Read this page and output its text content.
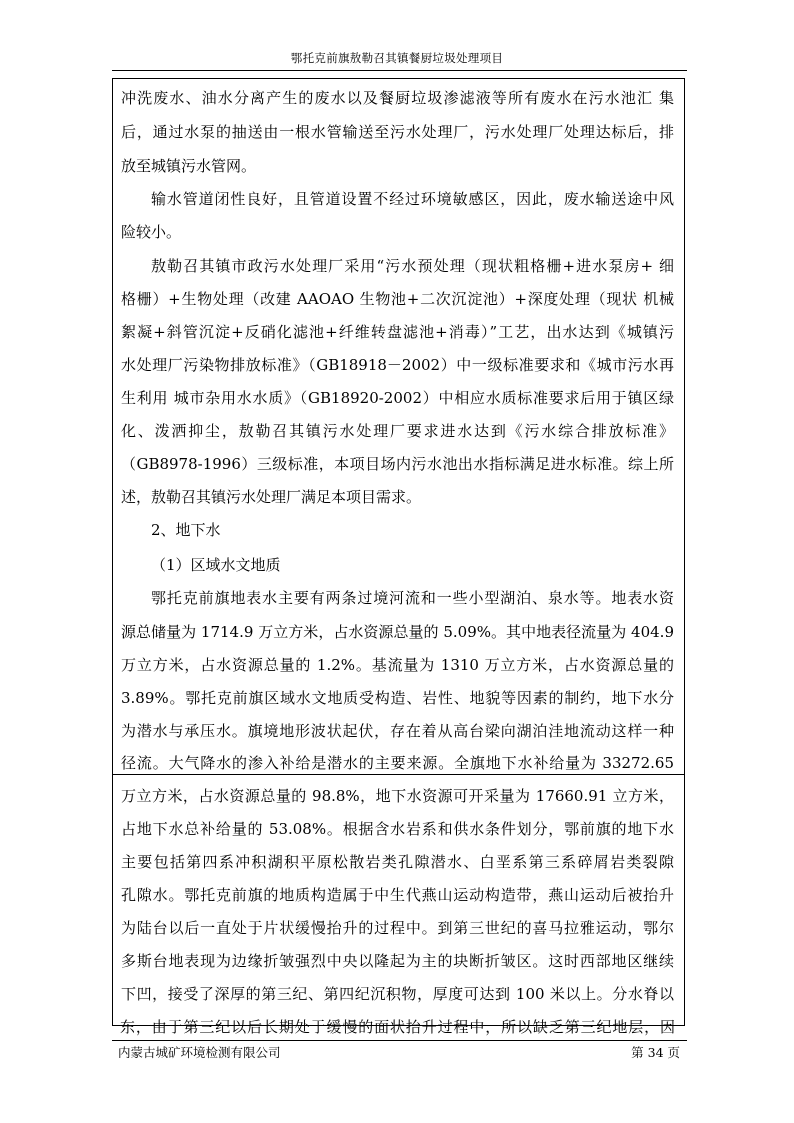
鄂托克前旗敖勒召其镇餐厨垃圾处理项目
冲洗废水、油水分离产生的废水以及餐厨垃圾渗滤液等所有废水在污水池汇 集
后，通过水泵的抽送由一根水管输送至污水处理厂，污水处理厂处理达标后，排
放至城镇污水管网。
输水管道闭性良好，且管道设置不经过环境敏感区，因此，废水输送途中风
险较小。
敖勒召其镇市政污水处理厂采用“污水预处理（现状粗格栅+进水泵房+ 细
格栅）+生物处理（改建 AAOAO 生物池+二次沉淀池）+深度处理（现状 机械
絮凝+斜管沉淀+反硝化滤池+纤维转盘滤池+消毒）”工艺，出水达到《城镇污
水处理厂污染物排放标准》（GB18918－2002）中一级标准要求和《城市污水再
生利用 城市杂用水水质》（GB18920-2002）中相应水质标准要求后用于镇区绿
化、泼洒抑尘，敖勒召其镇污水处理厂要求进水达到《污水综合排放标准》
（GB8978-1996）三级标准，本项目场内污水池出水指标满足进水标准。综上所
述，敖勒召其镇污水处理厂满足本项目需求。
2、地下水
（1）区域水文地质
鄂托克前旗地表水主要有两条过境河流和一些小型湖泊、泉水等。地表水资
源总储量为 1714.9 万立方米，占水资源总量的 5.09%。其中地表径流量为 404.9
万立方米，占水资源总量的 1.2%。基流量为 1310 万立方米，占水资源总量的
3.89%。鄂托克前旗区域水文地质受构造、岩性、地貌等因素的制约，地下水分
为潜水与承压水。旗境地形波状起伏，存在着从高台梁向湖泊洼地流动这样一种
径流。大气降水的渗入补给是潜水的主要来源。全旗地下水补给量为 33272.65
万立方米，占水资源总量的 98.8%，地下水资源可开采量为 17660.91 立方米，
占地下水总补给量的 53.08%。根据含水岩系和供水条件划分，鄂前旗的地下水
主要包括第四系冲积湖积平原松散岩类孔隙潜水、白垩系第三系碎屑岩类裂隙
孔隙水。鄂托克前旗的地质构造属于中生代燕山运动构造带，燕山运动后被抬升
为陆台以后一直处于片状缓慢抬升的过程中。到第三世纪的喜马拉雅运动，鄂尔
多斯台地表现为边缘折皱强烈中央以隆起为主的块断折皱区。这时西部地区继续
下凹，接受了深厚的第三纪、第四纪沉积物，厚度可达到 100 米以上。分水脊以
内蒙古城矿环境检测有限公司	第 34 页
东，由于第三纪以后长期处于缓慢的面状抬升过程中，所以缺乏第三纪地层，因
